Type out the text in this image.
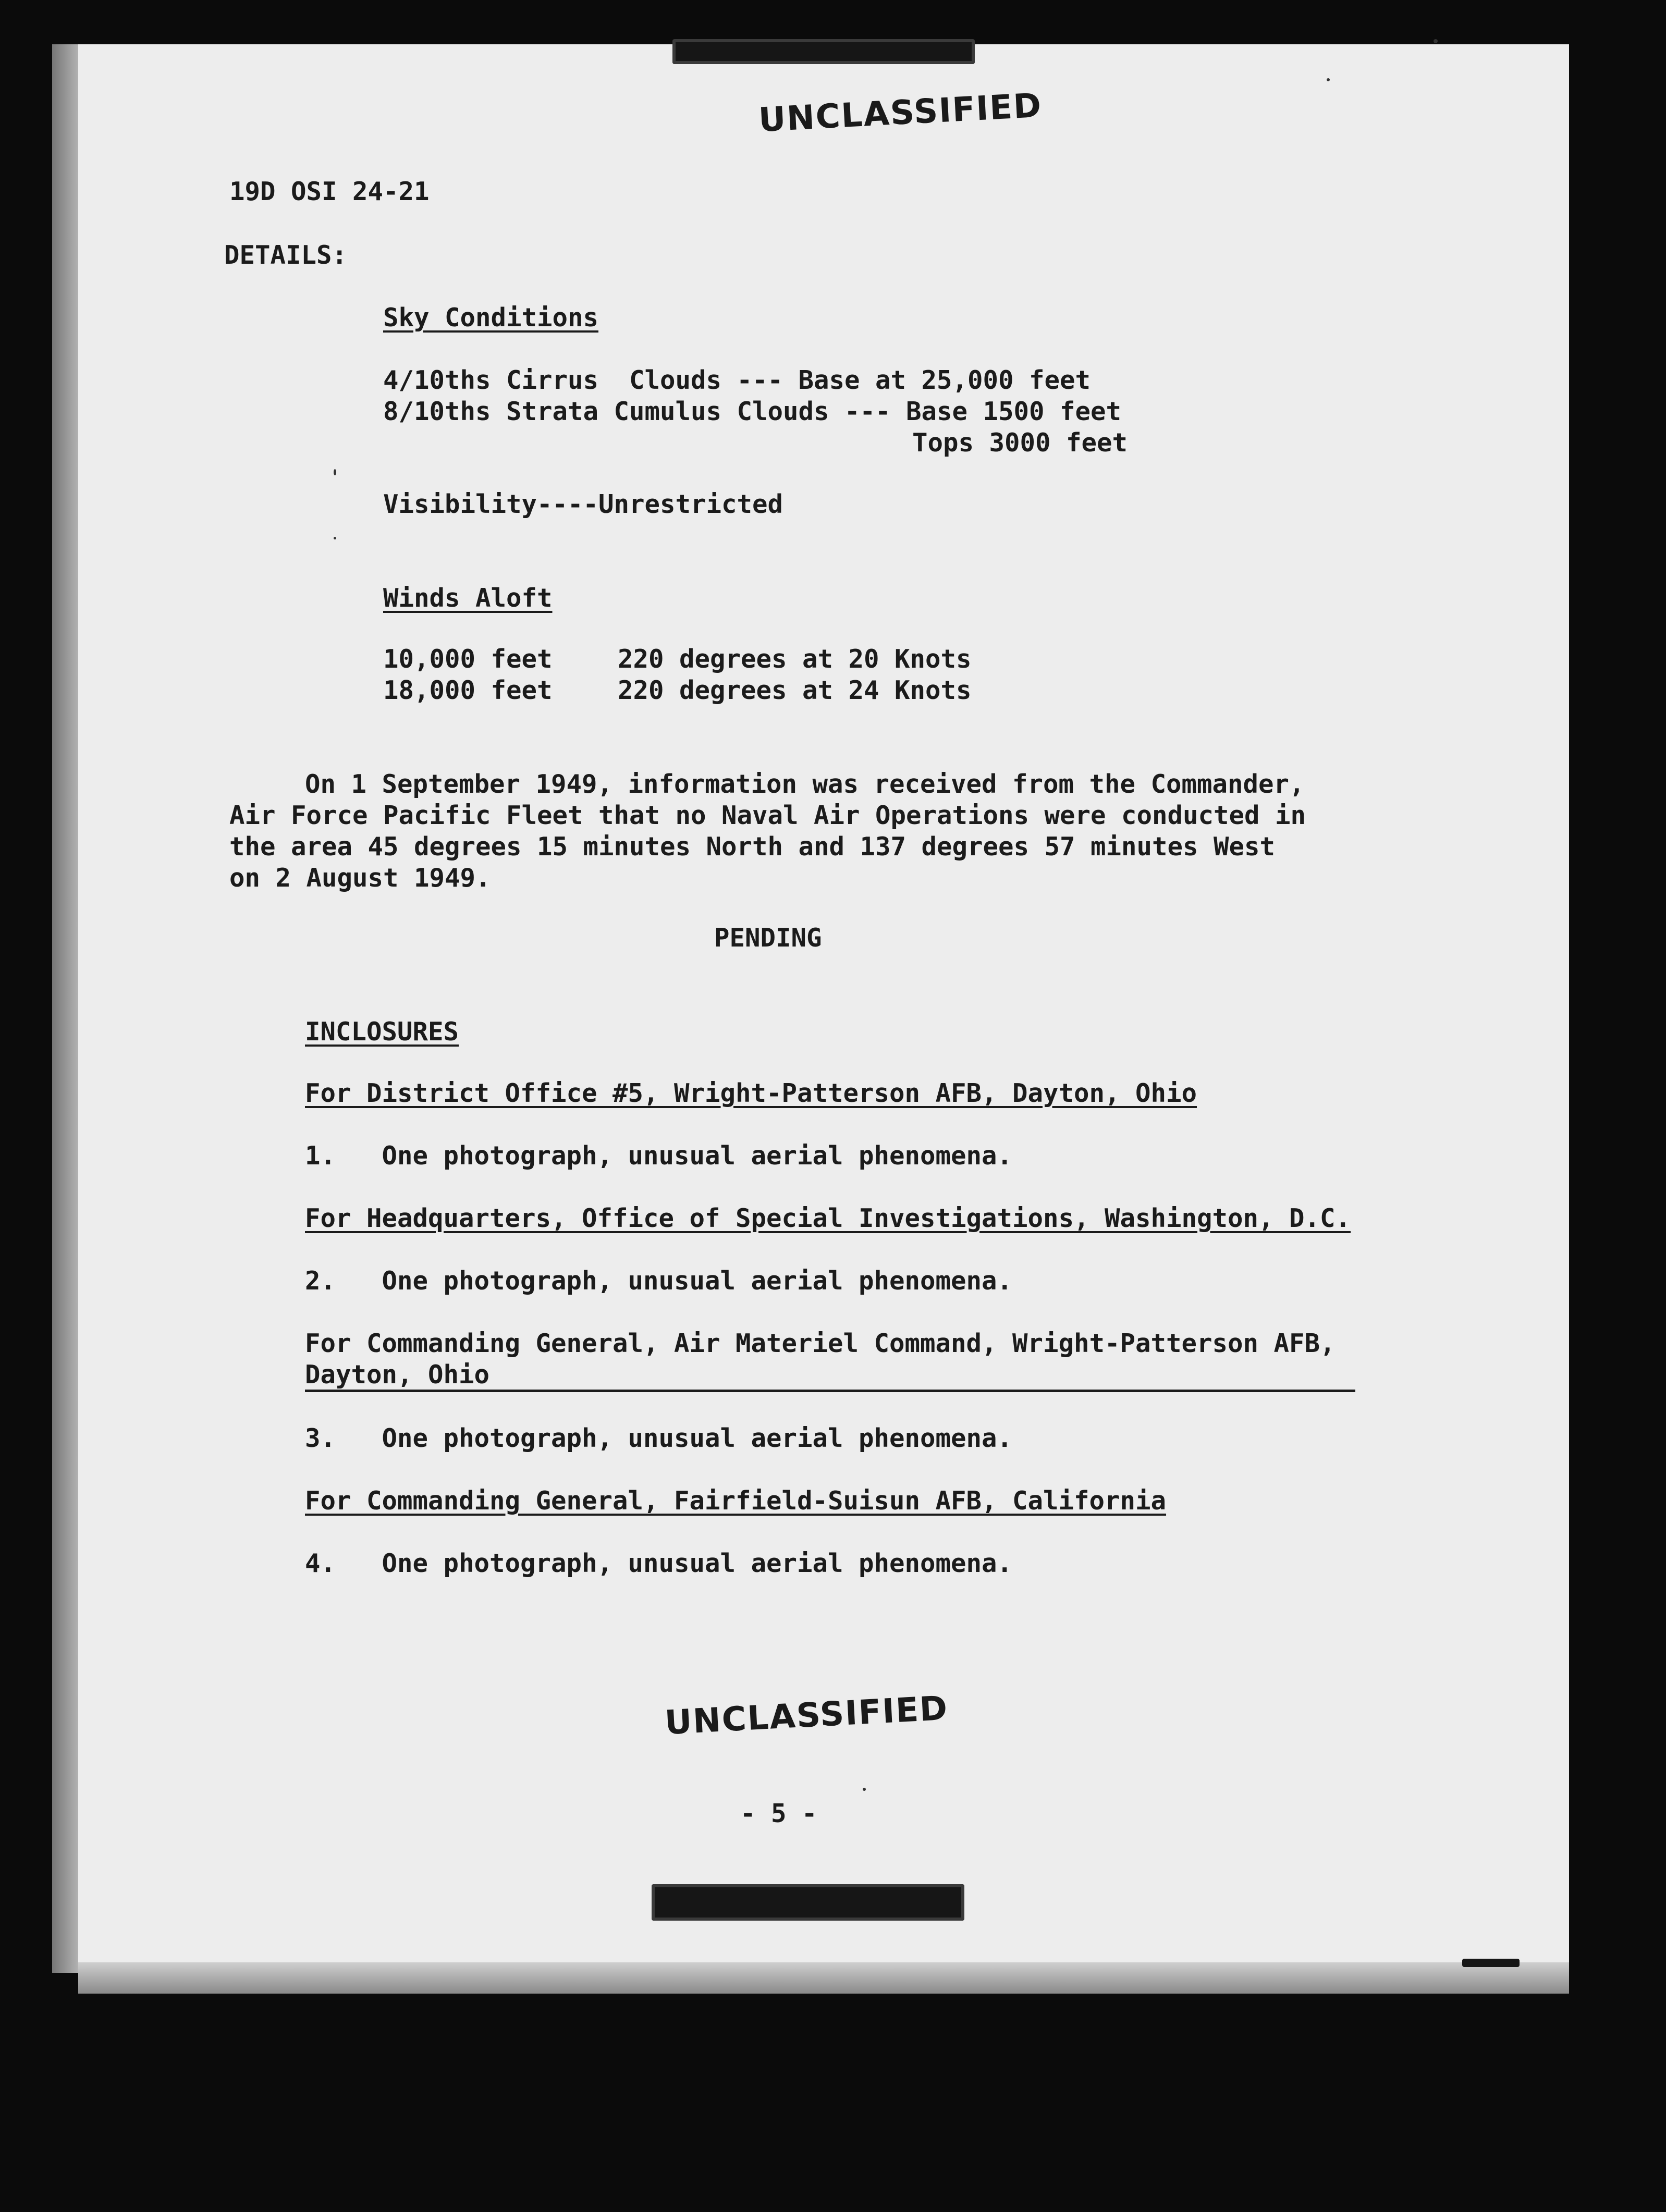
UNCLASSIFIED
19D OSI 24-21
DETAILS:
Sky Conditions
4/10ths Cirrus  Clouds --- Base at 25,000 feet
8/10ths Strata Cumulus Clouds --- Base 1500 feet
Tops 3000 feet
Visibility----Unrestricted
Winds Aloft
10,000 feet	220 degrees at 20 Knots
18,000 feet	220 degrees at 24 Knots
On 1 September 1949, information was received from the Commander,
Air Force Pacific Fleet that no Naval Air Operations were conducted in
the area 45 degrees 15 minutes North and 137 degrees 57 minutes West
on 2 August 1949.
PENDING
INCLOSURES
For District Office #5, Wright-Patterson AFB, Dayton, Ohio
1.   One photograph, unusual aerial phenomena.
For Headquarters, Office of Special Investigations, Washington, D.C.
2.   One photograph, unusual aerial phenomena.
For Commanding General, Air Materiel Command, Wright-Patterson AFB,
Dayton, Ohio
3.   One photograph, unusual aerial phenomena.
For Commanding General, Fairfield-Suisun AFB, California
4.   One photograph, unusual aerial phenomena.
UNCLASSIFIED
- 5 -
